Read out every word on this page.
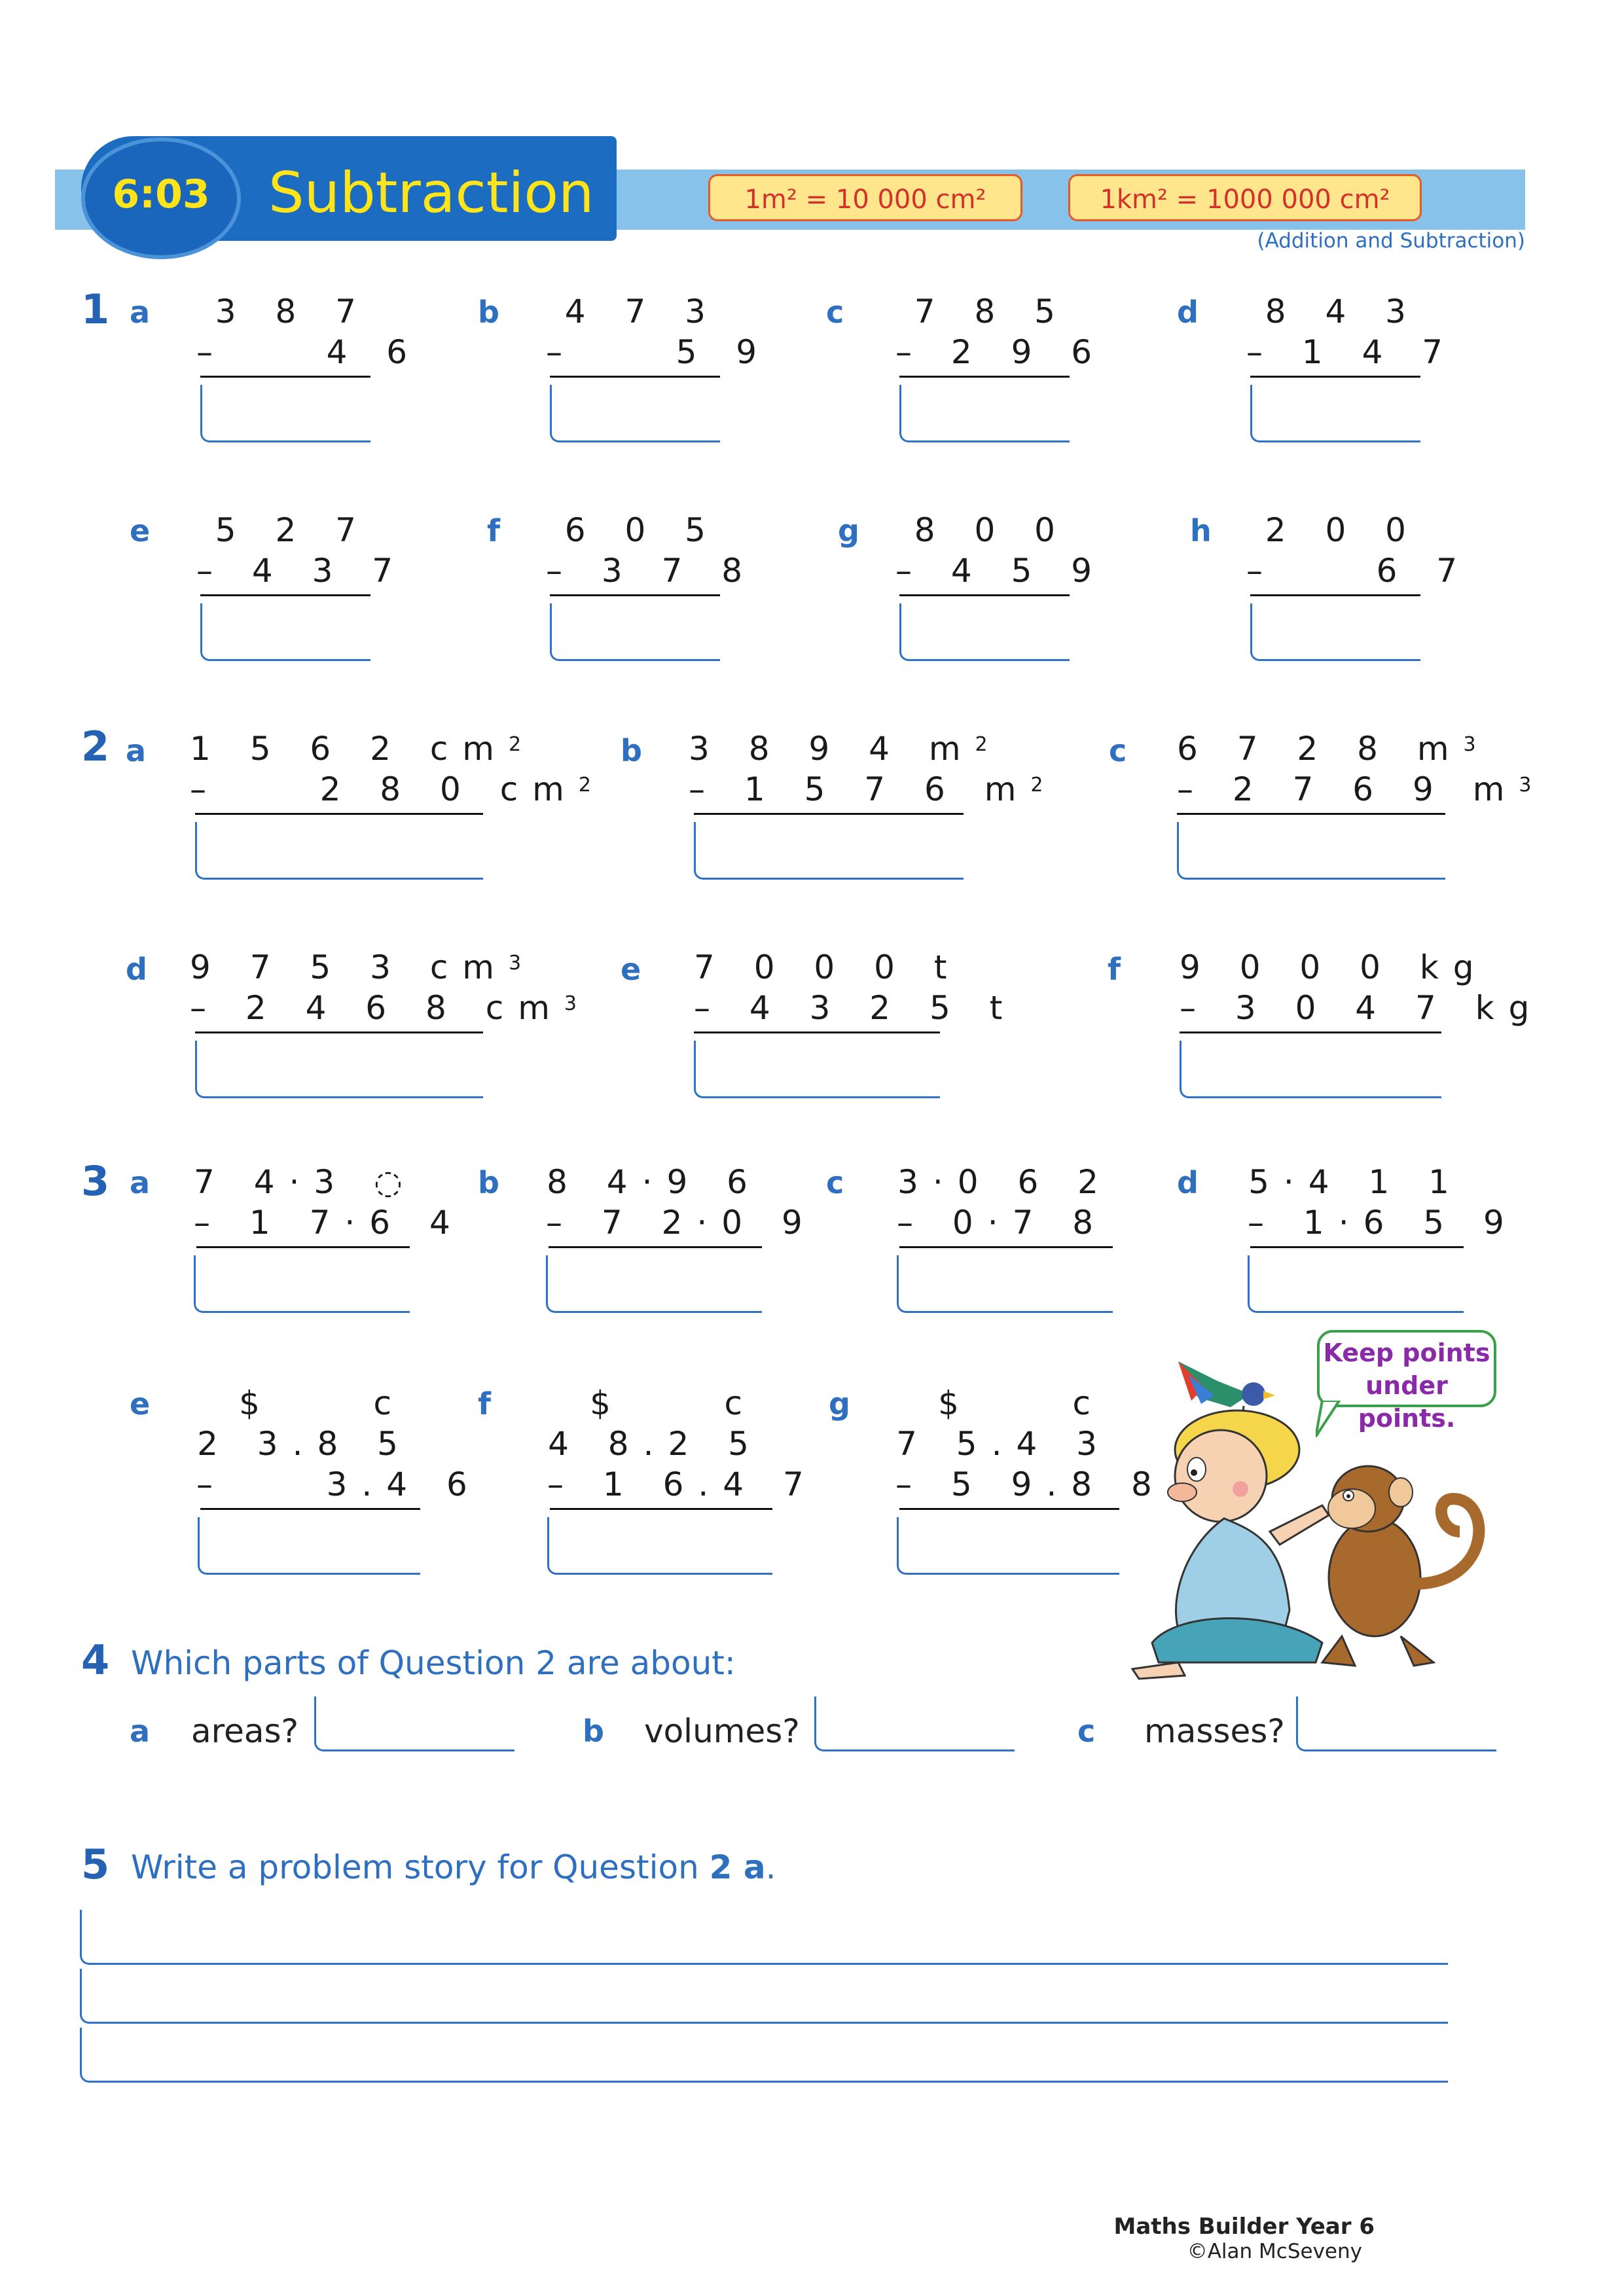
6:03	Subtraction	1m² = 10 000 cm²	1km² = 1000 000 cm²
(Addition and Subtraction)
1 a	3 8 7
–    4 6
b	4 7 3
–    5 9
c	7 8 5
– 2 9 6
d	8 4 3
– 1 4 7
e	5 2 7
– 4 3 7
f	6 0 5
– 3 7 8
g	8 0 0
– 4 5 9
h	2 0 0
–    6 7
2 a 1 5 6 2 $cm^2$
–    2 8 0 $cm^2$
b 3 8 9 4 $m^2$
– 1 5 7 6 $m^2$
c 6 7 2 8 $m^3$
– 2 7 6 9 $m^3$
d 9 7 5 3 $cm^3$
– 2 4 6 8 $cm^3$
e 7 0 0 0 t
– 4 3 2 5 t
f 9 0 0 0 kg
– 3 0 4 7 kg
3 a 7 4·3 ◌
– 1 7·6 4
b 8 4·9 6
– 7 2·0 9
c 3·0 6 2
– 0·7 8
d 5·4 1 1
– 1·6 5 9
e	$    c
2 3.8 5
–    3.4 6
f	$    c
4 8.2 5
– 1 6.4 7
g	$    c
7 5.4 3
– 5 9.8 8
Keep points
under points.
4 Which parts of Question 2 are about:
a areas?	b volumes?	c masses?
5 Write a problem story for Question 2 a.
Maths Builder Year 6
©Alan McSeveny
